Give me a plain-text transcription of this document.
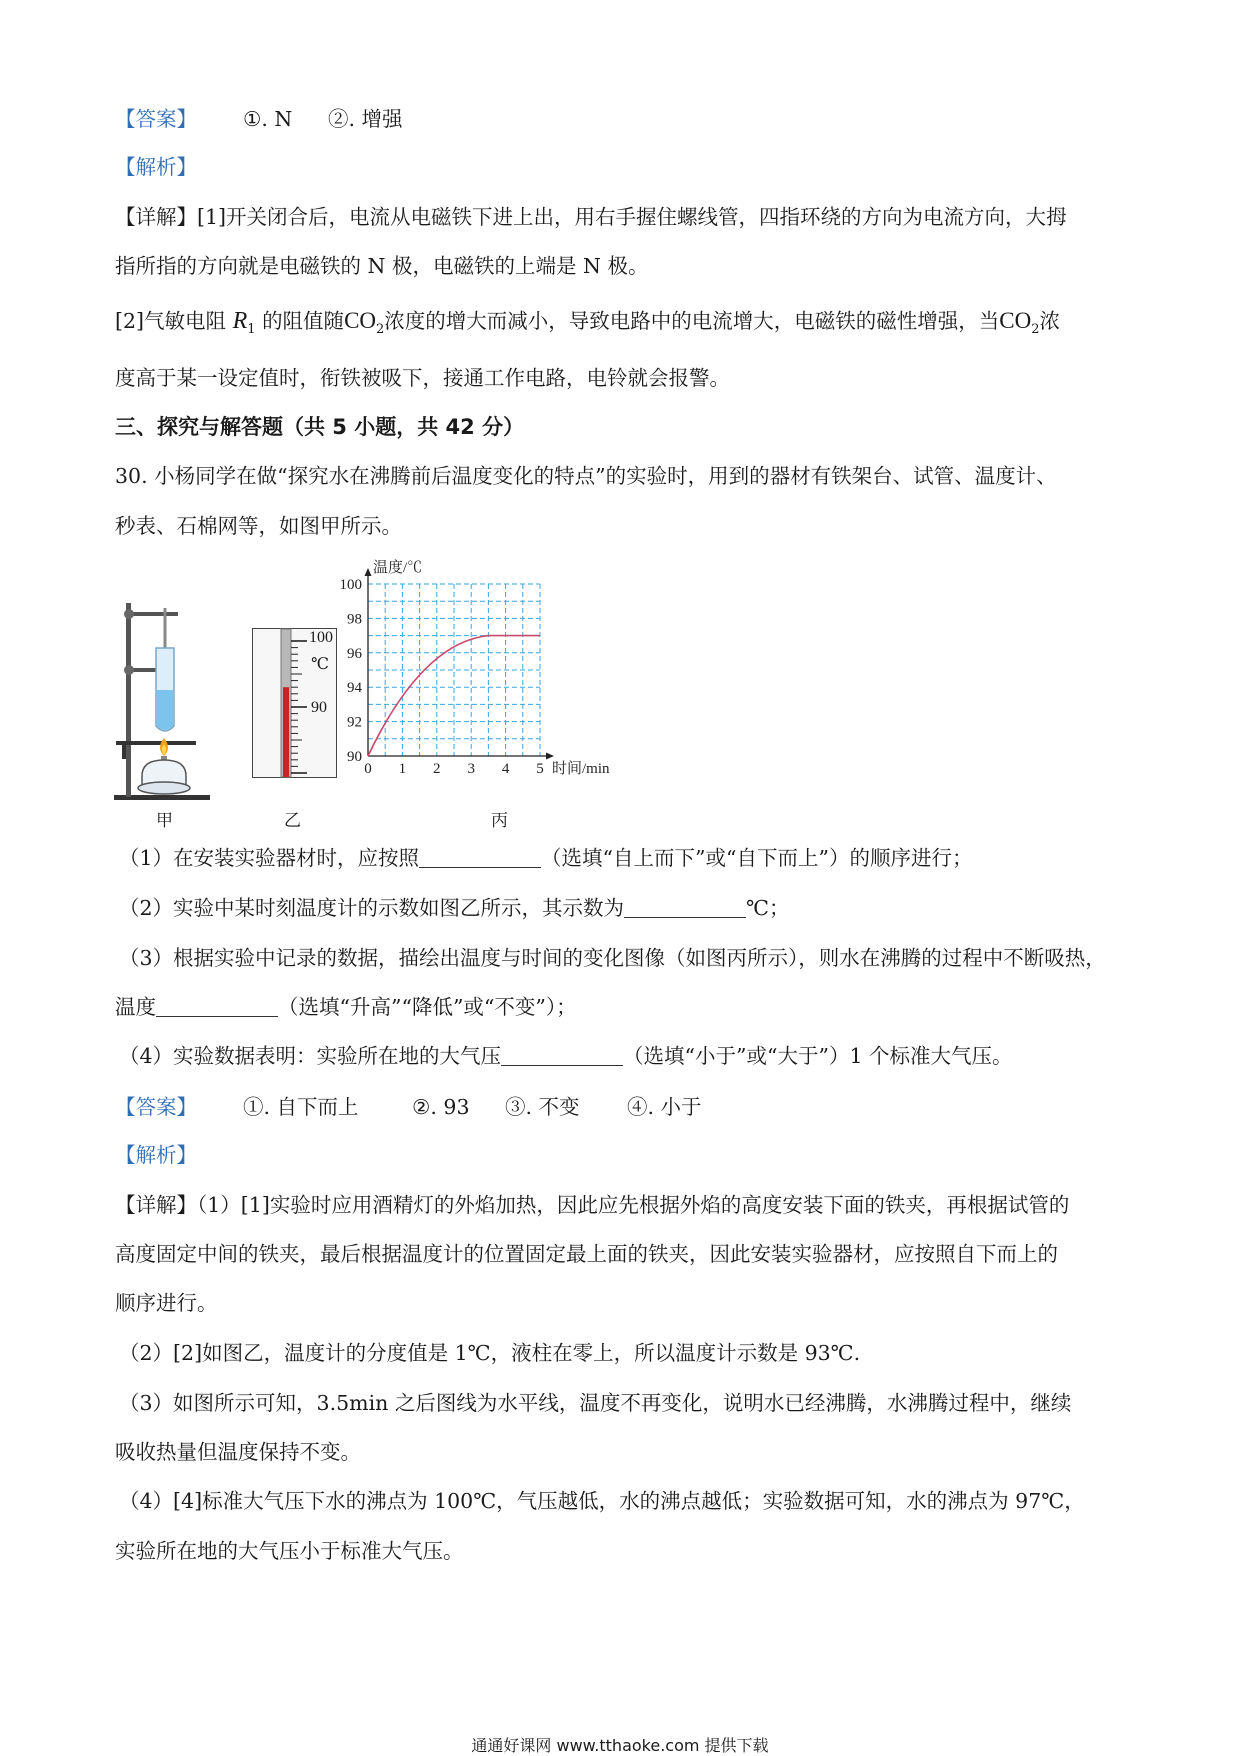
【答案】 ①. N ②. 增强
【解析】
【详解】[1]开关闭合后，电流从电磁铁下进上出，用右手握住螺线管，四指环绕的方向为电流方向，大拇
指所指的方向就是电磁铁的 N 极，电磁铁的上端是 N 极。
[2]气敏电阻 $R_1$ 的阻值随$CO_2$浓度的增大而减小，导致电路中的电流增大，电磁铁的磁性增强，当$CO_2$浓
度高于某一设定值时，衔铁被吸下，接通工作电路，电铃就会报警。
三、探究与解答题（共 5 小题，共 42 分）
30. 小杨同学在做“探究水在沸腾前后温度变化的特点”的实验时，用到的器材有铁架台、试管、温度计、
秒表、石棉网等，如图甲所示。
甲
100
℃
90
乙
90
92
94
96
98
100
0 1 2 3 4 5
温度/℃
时间/min
丙
（1）在安装实验器材时，应按照	（选填“自上而下”或“自下而上”）的顺序进行；
（2）实验中某时刻温度计的示数如图乙所示，其示数为	℃；
（3）根据实验中记录的数据，描绘出温度与时间的变化图像（如图丙所示），则水在沸腾的过程中不断吸热，
温度	（选填“升高”“降低”或“不变”）；
（4）实验数据表明：实验所在地的大气压	（选填“小于”或“大于”）1 个标准大气压。
【答案】 ①. 自下而上	②. 93 ③. 不变 ④. 小于
【解析】
【详解】（1）[1]实验时应用酒精灯的外焰加热，因此应先根据外焰的高度安装下面的铁夹，再根据试管的
高度固定中间的铁夹，最后根据温度计的位置固定最上面的铁夹，因此安装实验器材，应按照自下而上的
顺序进行。
（2）[2]如图乙，温度计的分度值是 1℃，液柱在零上，所以温度计示数是 93℃.
（3）如图所示可知，3.5min 之后图线为水平线，温度不再变化，说明水已经沸腾，水沸腾过程中，继续
吸收热量但温度保持不变。
（4）[4]标准大气压下水的沸点为 100℃，气压越低，水的沸点越低；实验数据可知，水的沸点为 97℃，
实验所在地的大气压小于标准大气压。
通通好课网 www.tthaoke.com 提供下载
